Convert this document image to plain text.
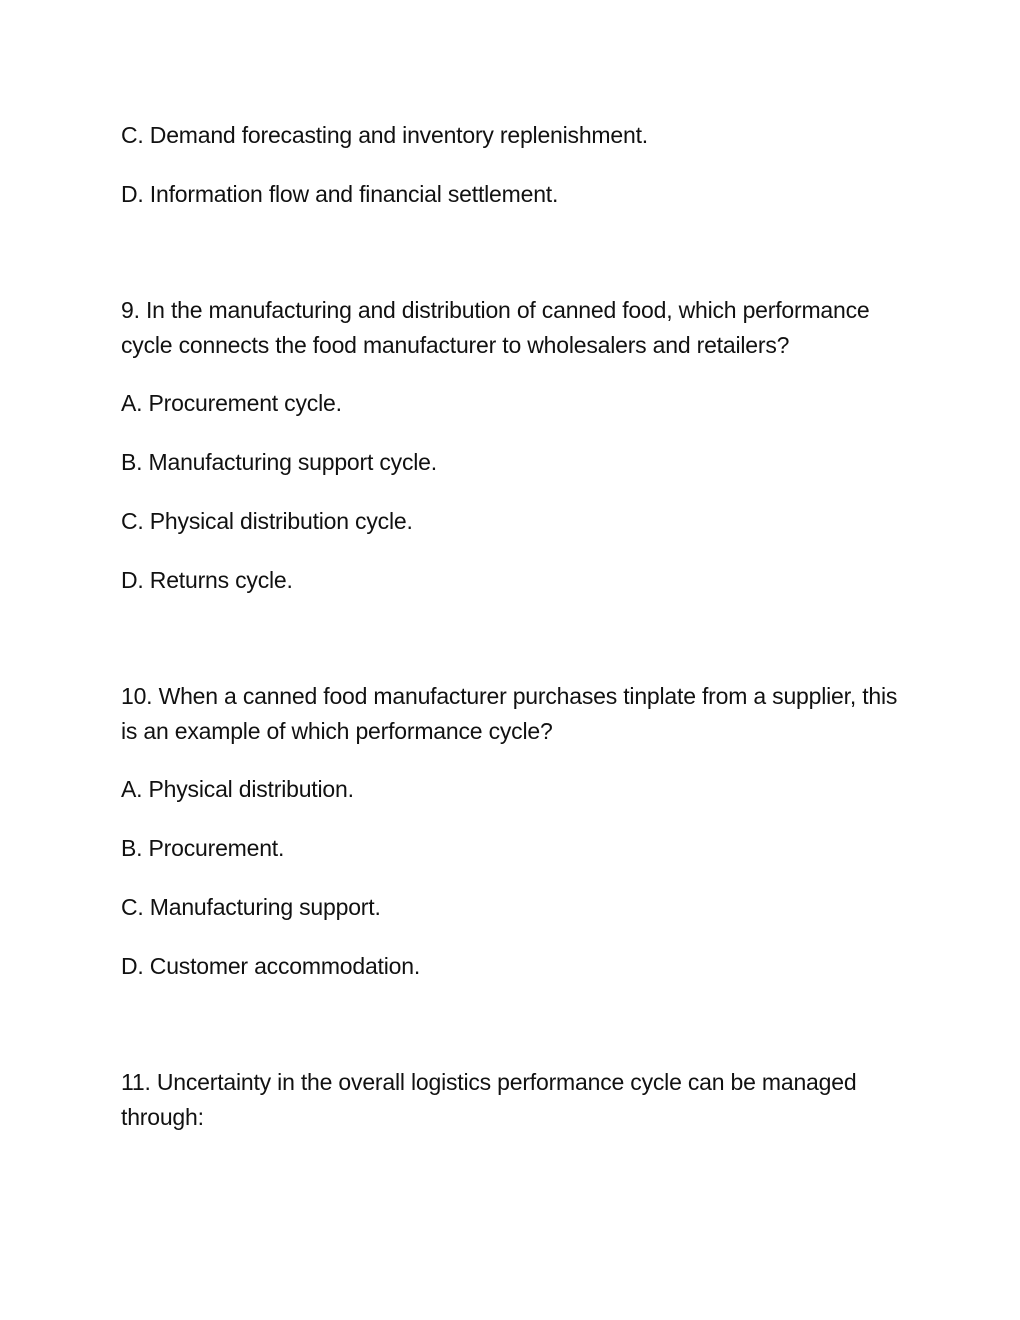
C. Demand forecasting and inventory replenishment.

D. Information flow and financial settlement.

9. In the manufacturing and distribution of canned food, which performance cycle connects the food manufacturer to wholesalers and retailers?

A. Procurement cycle.

B. Manufacturing support cycle.

C. Physical distribution cycle.

D. Returns cycle.

10. When a canned food manufacturer purchases tinplate from a supplier, this is an example of which performance cycle?

A. Physical distribution.

B. Procurement.

C. Manufacturing support.

D. Customer accommodation.

11. Uncertainty in the overall logistics performance cycle can be managed through:
